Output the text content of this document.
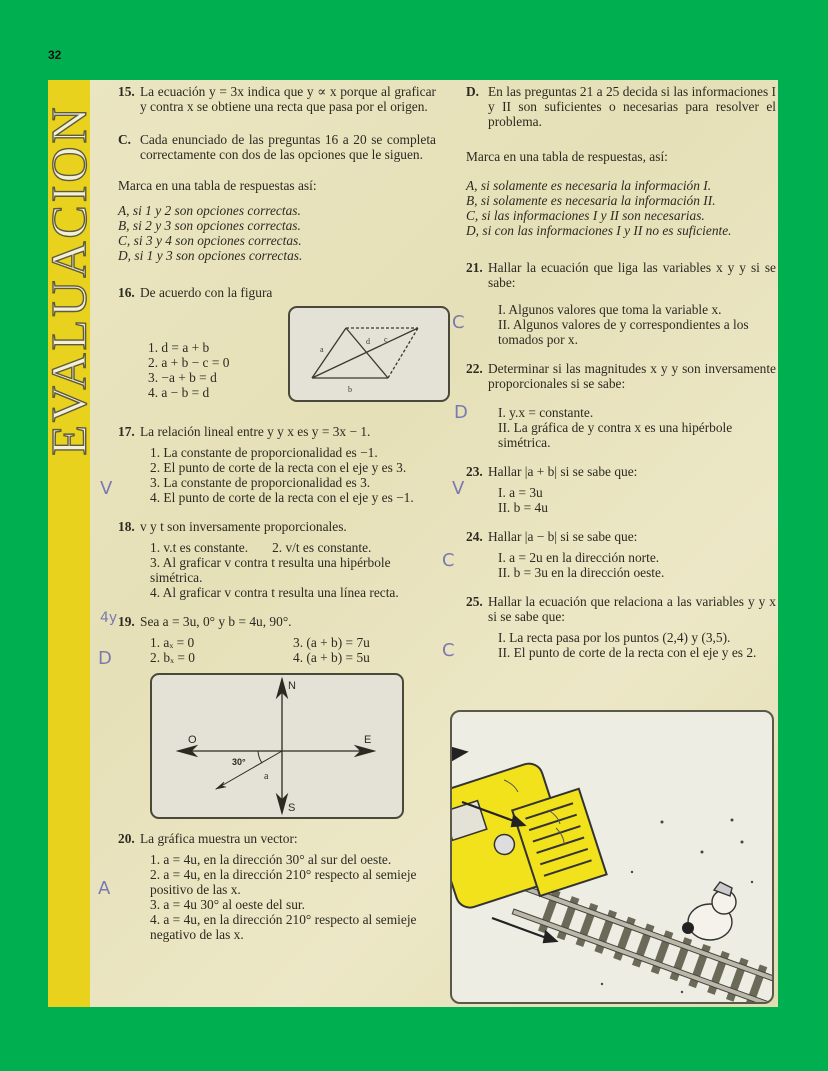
32
EVALUACION
15. La ecuación y = 3x indica que y ∝ x porque al graficar y contra x se obtiene una recta que pasa por el origen.
C. Cada enunciado de las preguntas 16 a 20 se completa correctamente con dos de las opciones que le siguen.
Marca en una tabla de respuestas así:
A, si 1 y 2 son opciones correctas.
B, si 2 y 3 son opciones correctas.
C, si 3 y 4 son opciones correctas.
D, si 1 y 3 son opciones correctas.
16. De acuerdo con la figura
1. d = a + b
2. a + b − c = 0
3. −a + b = d
4. a − b = d
a
b
d c
17. La relación lineal entre y y x es y = 3x − 1.
1. La constante de proporcionalidad es −1.
2. El punto de corte de la recta con el eje y es 3.
3. La constante de proporcionalidad es 3.
4. El punto de corte de la recta con el eje y es −1.
18. v y t son inversamente proporcionales.
1. v.t es constante. 2. v/t es constante.
3. Al graficar v contra t resulta una hipérbole simétrica.
4. Al graficar v contra t resulta una línea recta.
19. Sea a = 3u, 0° y b = 4u, 90°.
1. aₓ = 0	3. (a + b) = 7u
2. bₓ = 0	4. (a + b) = 5u
N
S
E
O
30°
a
20. La gráfica muestra un vector:
1. a = 4u, en la dirección 30° al sur del oeste.
2. a = 4u, en la dirección 210° respecto al semieje positivo de las x.
3. a = 4u 30° al oeste del sur.
4. a = 4u, en la dirección 210° respecto al semieje negativo de las x.
D. En las preguntas 21 a 25 decida si las informaciones I y II son suficientes o necesarias para resolver el problema.
Marca en una tabla de respuestas, así:
A, si solamente es necesaria la información I.
B, si solamente es necesaria la información II.
C, si las informaciones I y II son necesarias.
D, si con las informaciones I y II no es suficiente.
21. Hallar la ecuación que liga las variables x y y si se sabe:
I. Algunos valores que toma la variable x.
II. Algunos valores de y correspondientes a los tomados por x.
22. Determinar si las magnitudes x y y son inversamente proporcionales si se sabe:
I. y.x = constante.
II. La gráfica de y contra x es una hipérbole simétrica.
23. Hallar |a + b| si se sabe que:
I. a = 3u
II. b = 4u
24. Hallar |a − b| si se sabe que:
I. a = 2u en la dirección norte.
II. b = 3u en la dirección oeste.
25. Hallar la ecuación que relaciona a las variables y y x si se sabe que:
I. La recta pasa por los puntos (2,4) y (3,5).
II. El punto de corte de la recta con el eje y es 2.
V
4y
D
A
C
D
V
C
C
